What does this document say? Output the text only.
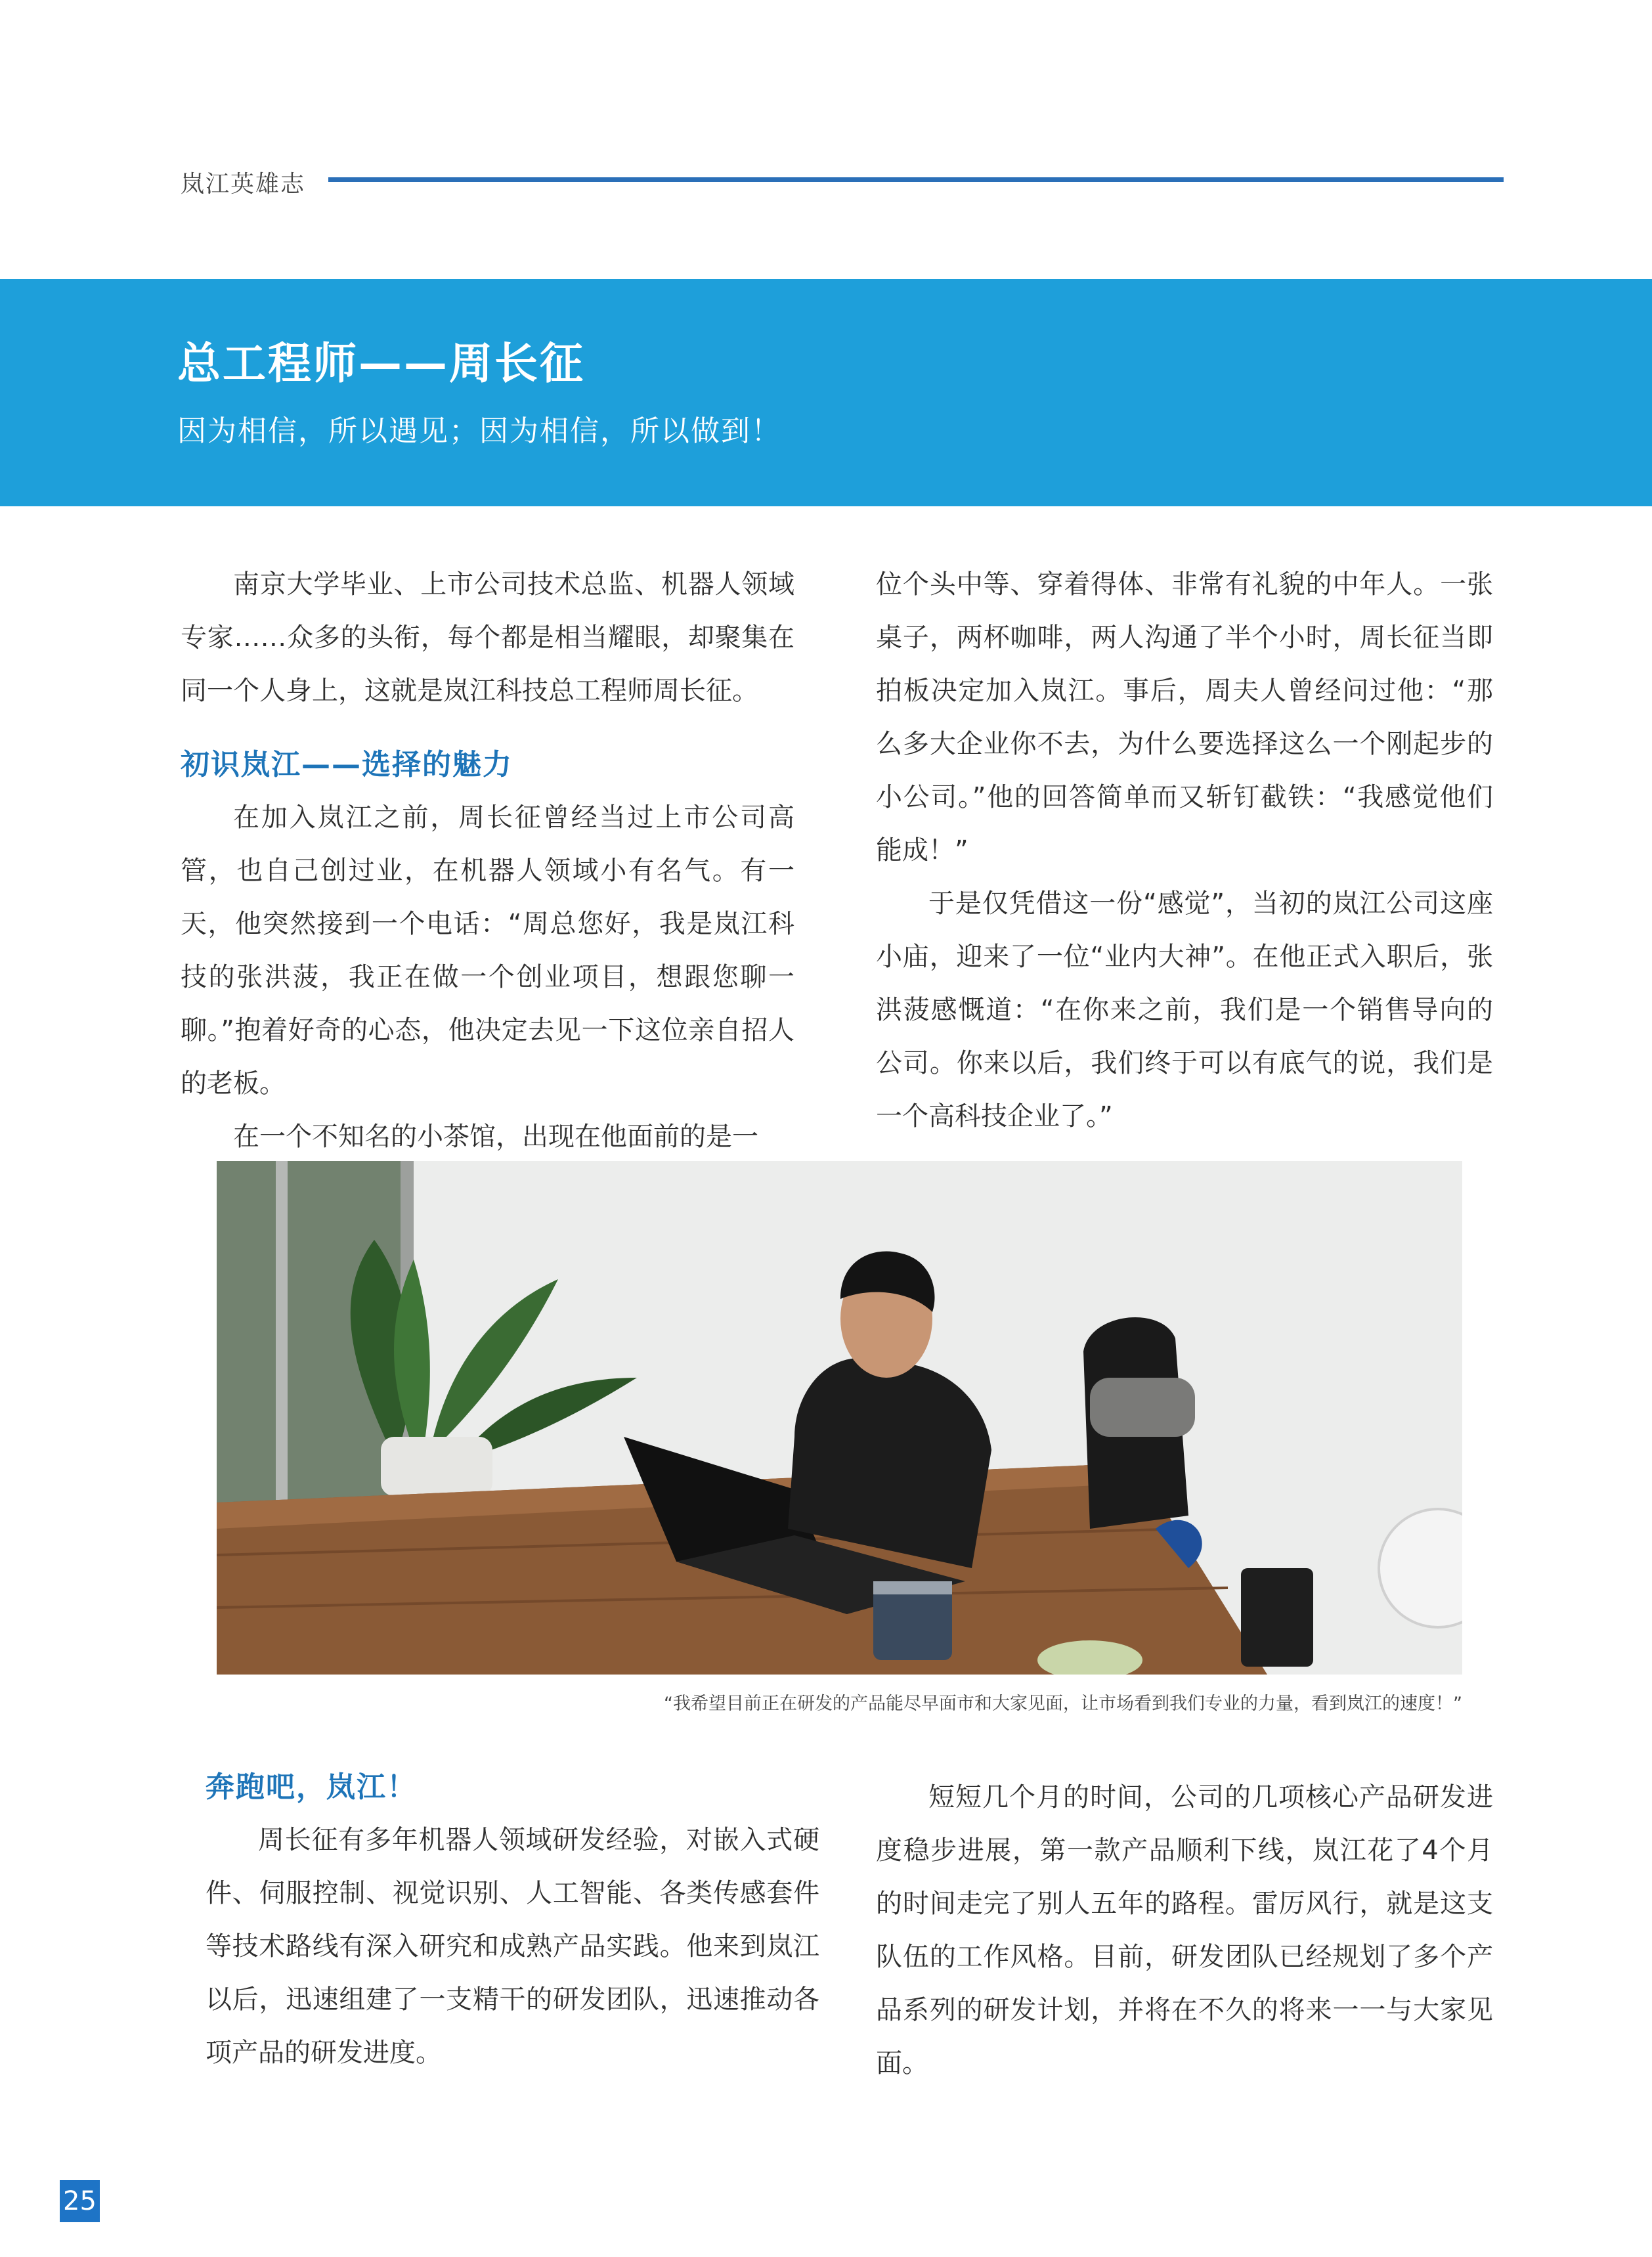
岚江英雄志
总工程师——周长征
因为相信，所以遇见；因为相信，所以做到！

南京大学毕业、上市公司技术总监、机器人领域专家……众多的头衔，每个都是相当耀眼，却聚集在同一个人身上，这就是岚江科技总工程师周长征。

初识岚江——选择的魅力

在加入岚江之前，周长征曾经当过上市公司高管，也自己创过业，在机器人领域小有名气。有一天，他突然接到一个电话：“周总您好，我是岚江科技的张洪菠，我正在做一个创业项目，想跟您聊一聊。”抱着好奇的心态，他决定去见一下这位亲自招人的老板。

在一个不知名的小茶馆，出现在他面前的是一

位个头中等、穿着得体、非常有礼貌的中年人。一张桌子，两杯咖啡，两人沟通了半个小时，周长征当即拍板决定加入岚江。事后，周夫人曾经问过他：“那么多大企业你不去，为什么要选择这么一个刚起步的小公司。”他的回答简单而又斩钉截铁：“我感觉他们能成！”

于是仅凭借这一份“感觉”，当初的岚江公司这座小庙，迎来了一位“业内大神”。在他正式入职后，张洪菠感慨道：“在你来之前，我们是一个销售导向的公司。你来以后，我们终于可以有底气的说，我们是一个高科技企业了。”

“我希望目前正在研发的产品能尽早面市和大家见面，让市场看到我们专业的力量，看到岚江的速度！”
奔跑吧，岚江！

周长征有多年机器人领域研发经验，对嵌入式硬件、伺服控制、视觉识别、人工智能、各类传感套件等技术路线有深入研究和成熟产品实践。他来到岚江以后，迅速组建了一支精干的研发团队，迅速推动各项产品的研发进度。

短短几个月的时间，公司的几项核心产品研发进度稳步进展，第一款产品顺利下线，岚江花了4个月的时间走完了别人五年的路程。雷厉风行，就是这支队伍的工作风格。目前，研发团队已经规划了多个产品系列的研发计划，并将在不久的将来一一与大家见面。

25
